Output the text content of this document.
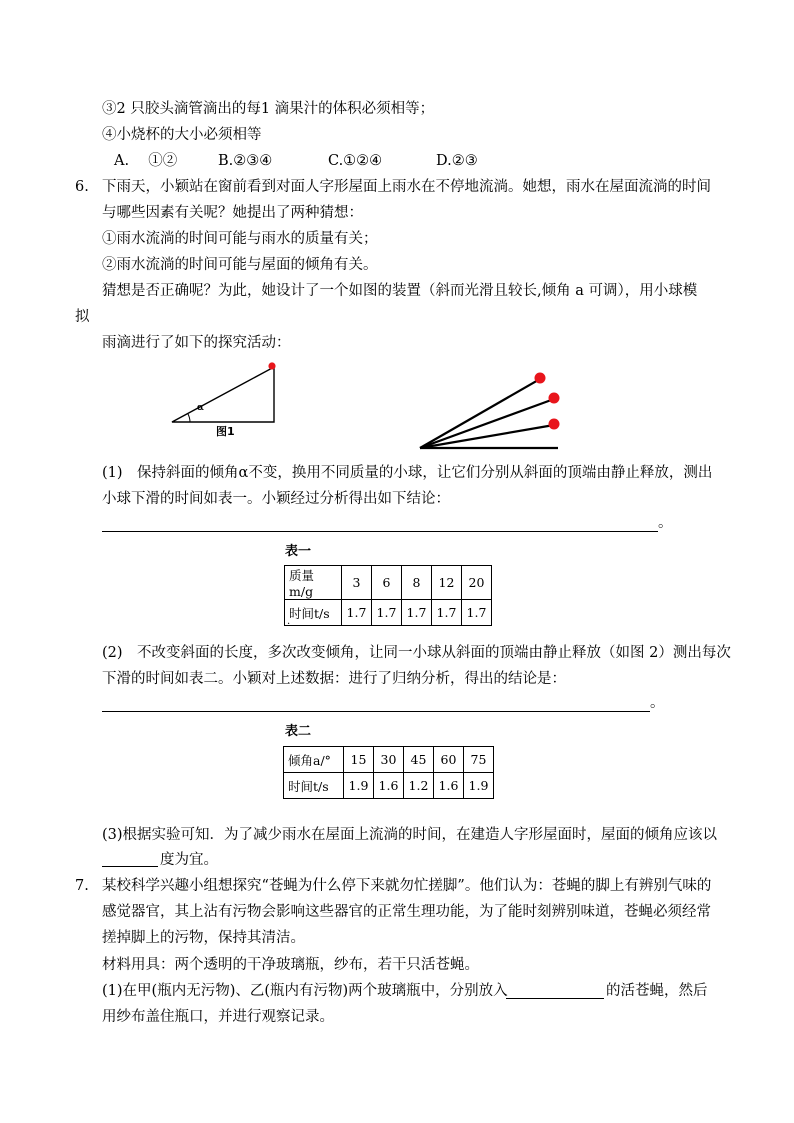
③2 只胶头滴管滴出的每1 滴果汁的体积必须相等；
④小烧杯的大小必须相等
A.　 ①②	B.②③④	C.①②④	D.②③
6. 下雨天，小颖站在窗前看到对面人字形屋面上雨水在不停地流淌。她想，雨水在屋面流淌的时间
与哪些因素有关呢？她提出了两种猜想：
①雨水流淌的时间可能与雨水的质量有关；
②雨水流淌的时间可能与屋面的倾角有关。
猜想是否正确呢？为此，她设计了一个如图的装置（斜而光滑且较长,倾角 a 可调），用小球模
拟
雨滴进行了如下的探究活动：
α
图1
(1)　保持斜面的倾角α不变，换用不同质量的小球，让它们分别从斜面的顶端由静止释放，测出
小球下滑的时间如表一。小颖经过分析得出如下结论：
。
表一
质量m/g	3	6	8	12	20
时间t/s	1.7	1.7	1.7	1.7	1.7
.
(2)　不改变斜面的长度，多次改变倾角，让同一小球从斜面的顶端由静止释放（如图 2）测出每次
下滑的时间如表二。小颖对上述数据：进行了归纳分析，得出的结论是：
。
表二
倾角a/°	15	30	45	60	75
时间t/s	1.9	1.6	1.2	1.6	1.9
(3)根据实验可知．为了减少雨水在屋面上流淌的时间，在建造人字形屋面时，屋面的倾角应该以
度为宜。
7. 某校科学兴趣小组想探究“苍蝇为什么停下来就勿忙搓脚”。他们认为：苍蝇的脚上有辨别气味的
感觉器官，其上沾有污物会影响这些器官的正常生理功能，为了能时刻辨别味道，苍蝇必须经常
搓掉脚上的污物，保持其清洁。
材料用具：两个透明的干净玻璃瓶，纱布，若干只活苍蝇。
(1)在甲(瓶内无污物)、乙(瓶内有污物)两个玻璃瓶中，分别放入	的活苍蝇，然后
用纱布盖住瓶口，并进行观察记录。
